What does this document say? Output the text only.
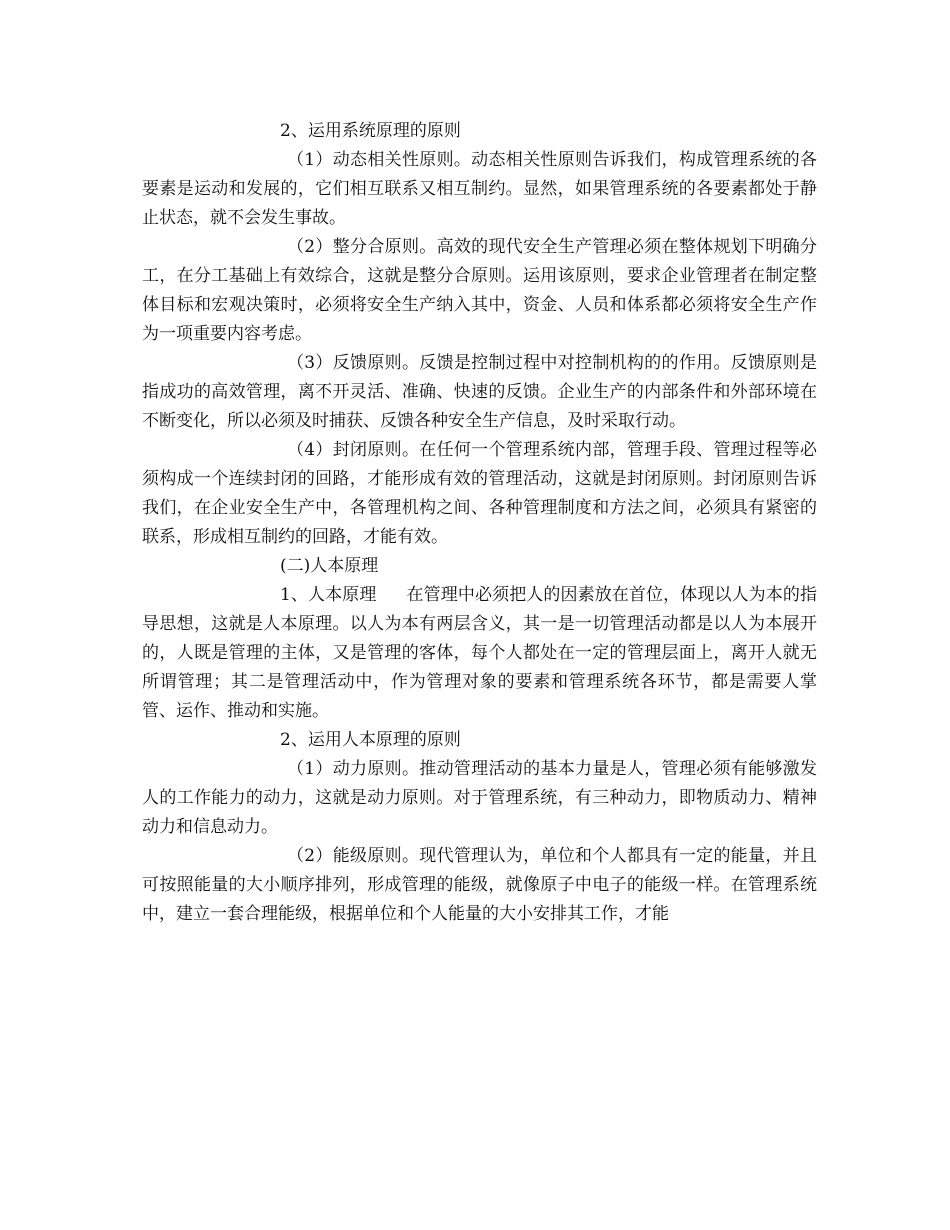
2、运用系统原理的原则

（1）动态相关性原则。动态相关性原则告诉我们，构成管理系统的各要素是运动和发展的，它们相互联系又相互制约。显然，如果管理系统的各要素都处于静止状态，就不会发生事故。

（2）整分合原则。高效的现代安全生产管理必须在整体规划下明确分工，在分工基础上有效综合，这就是整分合原则。运用该原则，要求企业管理者在制定整体目标和宏观决策时，必须将安全生产纳入其中，资金、人员和体系都必须将安全生产作为一项重要内容考虑。

（3）反馈原则。反馈是控制过程中对控制机构的的作用。反馈原则是指成功的高效管理，离不开灵活、准确、快速的反馈。企业生产的内部条件和外部环境在不断变化，所以必须及时捕获、反馈各种安全生产信息，及时采取行动。

（4）封闭原则。在任何一个管理系统内部，管理手段、管理过程等必须构成一个连续封闭的回路，才能形成有效的管理活动，这就是封闭原则。封闭原则告诉我们，在企业安全生产中，各管理机构之间、各种管理制度和方法之间，必须具有紧密的联系，形成相互制约的回路，才能有效。

(二)人本原理

1、人本原理 在管理中必须把人的因素放在首位，体现以人为本的指导思想，这就是人本原理。以人为本有两层含义，其一是一切管理活动都是以人为本展开的，人既是管理的主体，又是管理的客体，每个人都处在一定的管理层面上，离开人就无所谓管理；其二是管理活动中，作为管理对象的要素和管理系统各环节，都是需要人掌管、运作、推动和实施。

2、运用人本原理的原则

（1）动力原则。推动管理活动的基本力量是人，管理必须有能够激发人的工作能力的动力，这就是动力原则。对于管理系统，有三种动力，即物质动力、精神动力和信息动力。

（2）能级原则。现代管理认为，单位和个人都具有一定的能量，并且可按照能量的大小顺序排列，形成管理的能级，就像原子中电子的能级一样。在管理系统中，建立一套合理能级，根据单位和个人能量的大小安排其工作，才能
